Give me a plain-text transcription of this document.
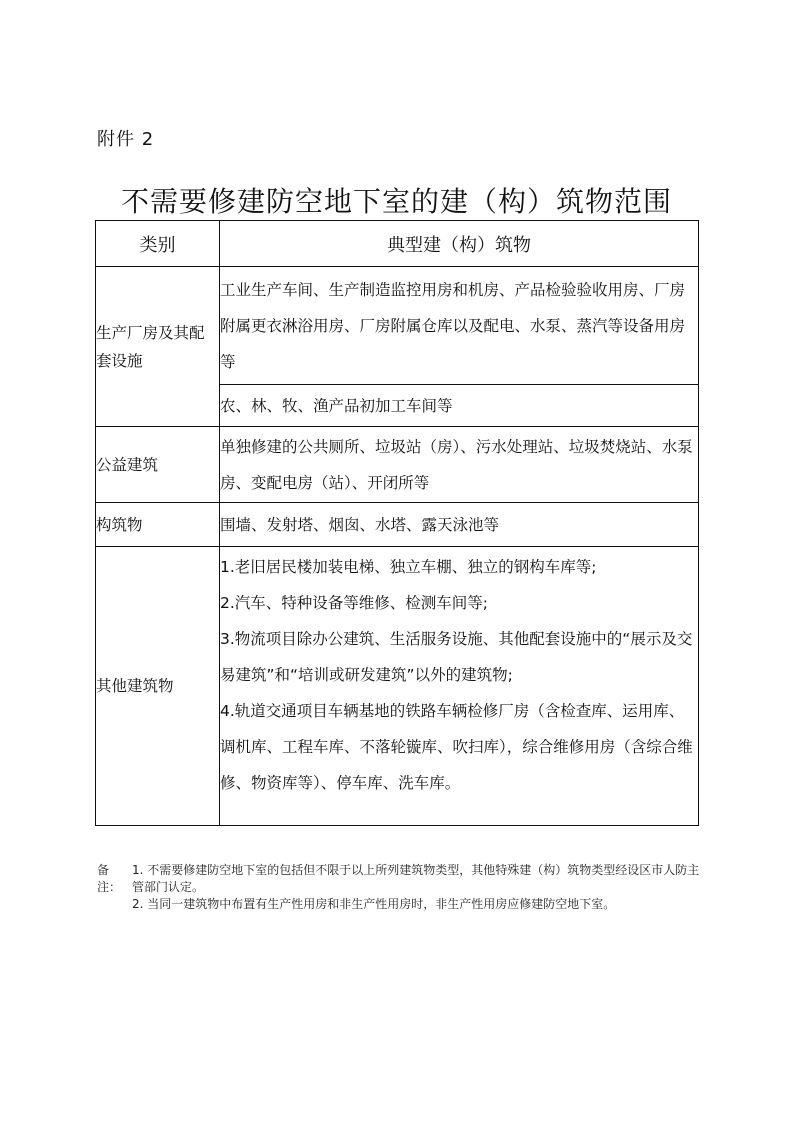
附件 2
不需要修建防空地下室的建（构）筑物范围
类别	典型建（构）筑物
生产厂房及其配套设施	工业生产车间、生产制造监控用房和机房、产品检验验收用房、厂房附属更衣淋浴用房、厂房附属仓库以及配电、水泵、蒸汽等设备用房等
	农、林、牧、渔产品初加工车间等
公益建筑	单独修建的公共厕所、垃圾站（房）、污水处理站、垃圾焚烧站、水泵房、变配电房（站）、开闭所等
构筑物	围墙、发射塔、烟囱、水塔、露天泳池等
其他建筑物	1.老旧居民楼加装电梯、独立车棚、独立的钢构车库等;
2.汽车、特种设备等维修、检测车间等;
3.物流项目除办公建筑、生活服务设施、其他配套设施中的“展示及交易建筑”和“培训或研发建筑”以外的建筑物;
4.轨道交通项目车辆基地的铁路车辆检修厂房（含检查库、运用库、调机库、工程车库、不落轮镟库、吹扫库），综合维修用房（含综合维修、物资库等）、停车库、洗车库。
备注：
1. 不需要修建防空地下室的包括但不限于以上所列建筑物类型，其他特殊建（构）筑物类型经设区市人防主管部门认定。
2. 当同一建筑物中布置有生产性用房和非生产性用房时，非生产性用房应修建防空地下室。
